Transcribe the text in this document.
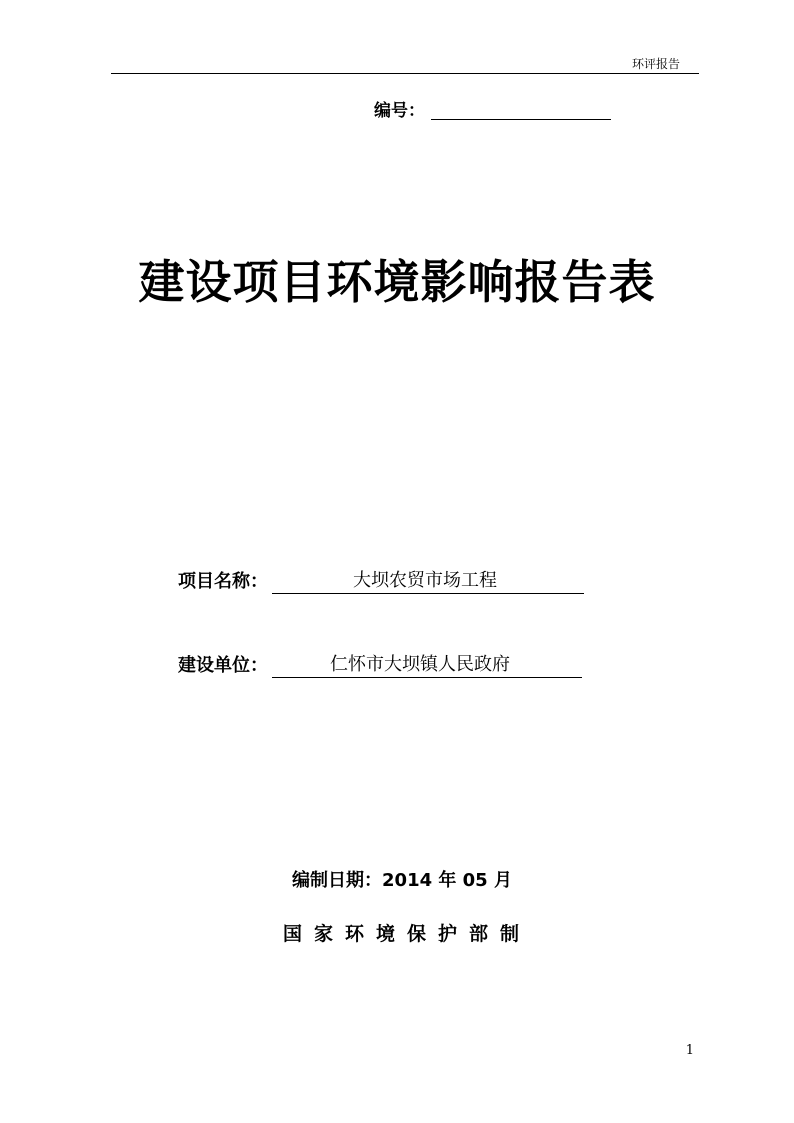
环评报告
编号：
建设项目环境影响报告表
项目名称：	大坝农贸市场工程
建设单位：	仁怀市大坝镇人民政府
编制日期：2014 年 05 月
国家环境保护部制
1
